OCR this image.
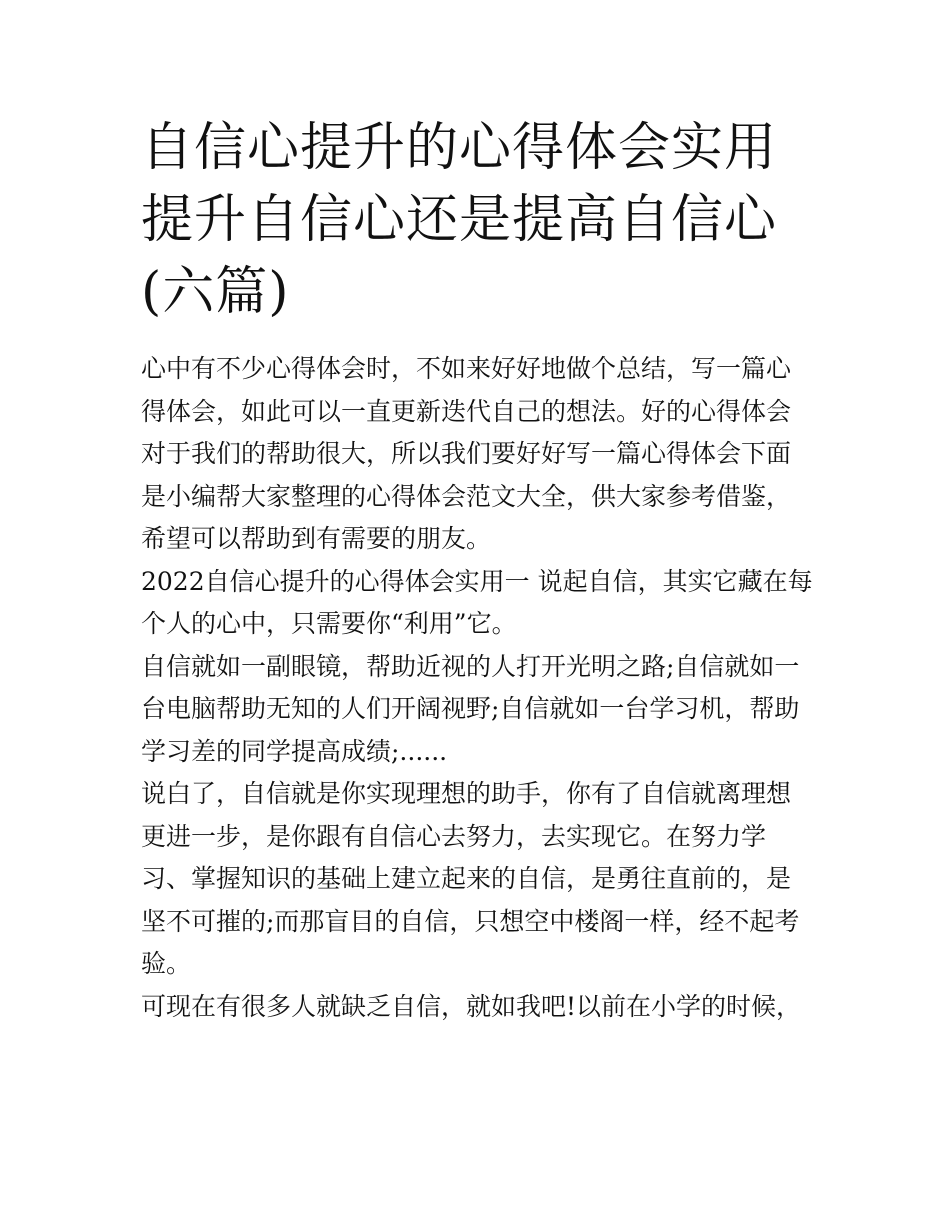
自信心提升的心得体会实用 提升自信心还是提高自信心(六篇)

心中有不少心得体会时，不如来好好地做个总结，写一篇心得体会，如此可以一直更新迭代自己的想法。好的心得体会对于我们的帮助很大，所以我们要好好写一篇心得体会下面是小编帮大家整理的心得体会范文大全，供大家参考借鉴，希望可以帮助到有需要的朋友。

2022自信心提升的心得体会实用一 说起自信，其实它藏在每个人的心中，只需要你“利用”它。

自信就如一副眼镜，帮助近视的人打开光明之路;自信就如一台电脑帮助无知的人们开阔视野;自信就如一台学习机，帮助学习差的同学提高成绩;......

说白了，自信就是你实现理想的助手，你有了自信就离理想更进一步，是你跟有自信心去努力，去实现它。在努力学习、掌握知识的基础上建立起来的自信，是勇往直前的，是坚不可摧的;而那盲目的自信，只想空中楼阁一样，经不起考验。

可现在有很多人就缺乏自信，就如我吧!以前在小学的时候，
